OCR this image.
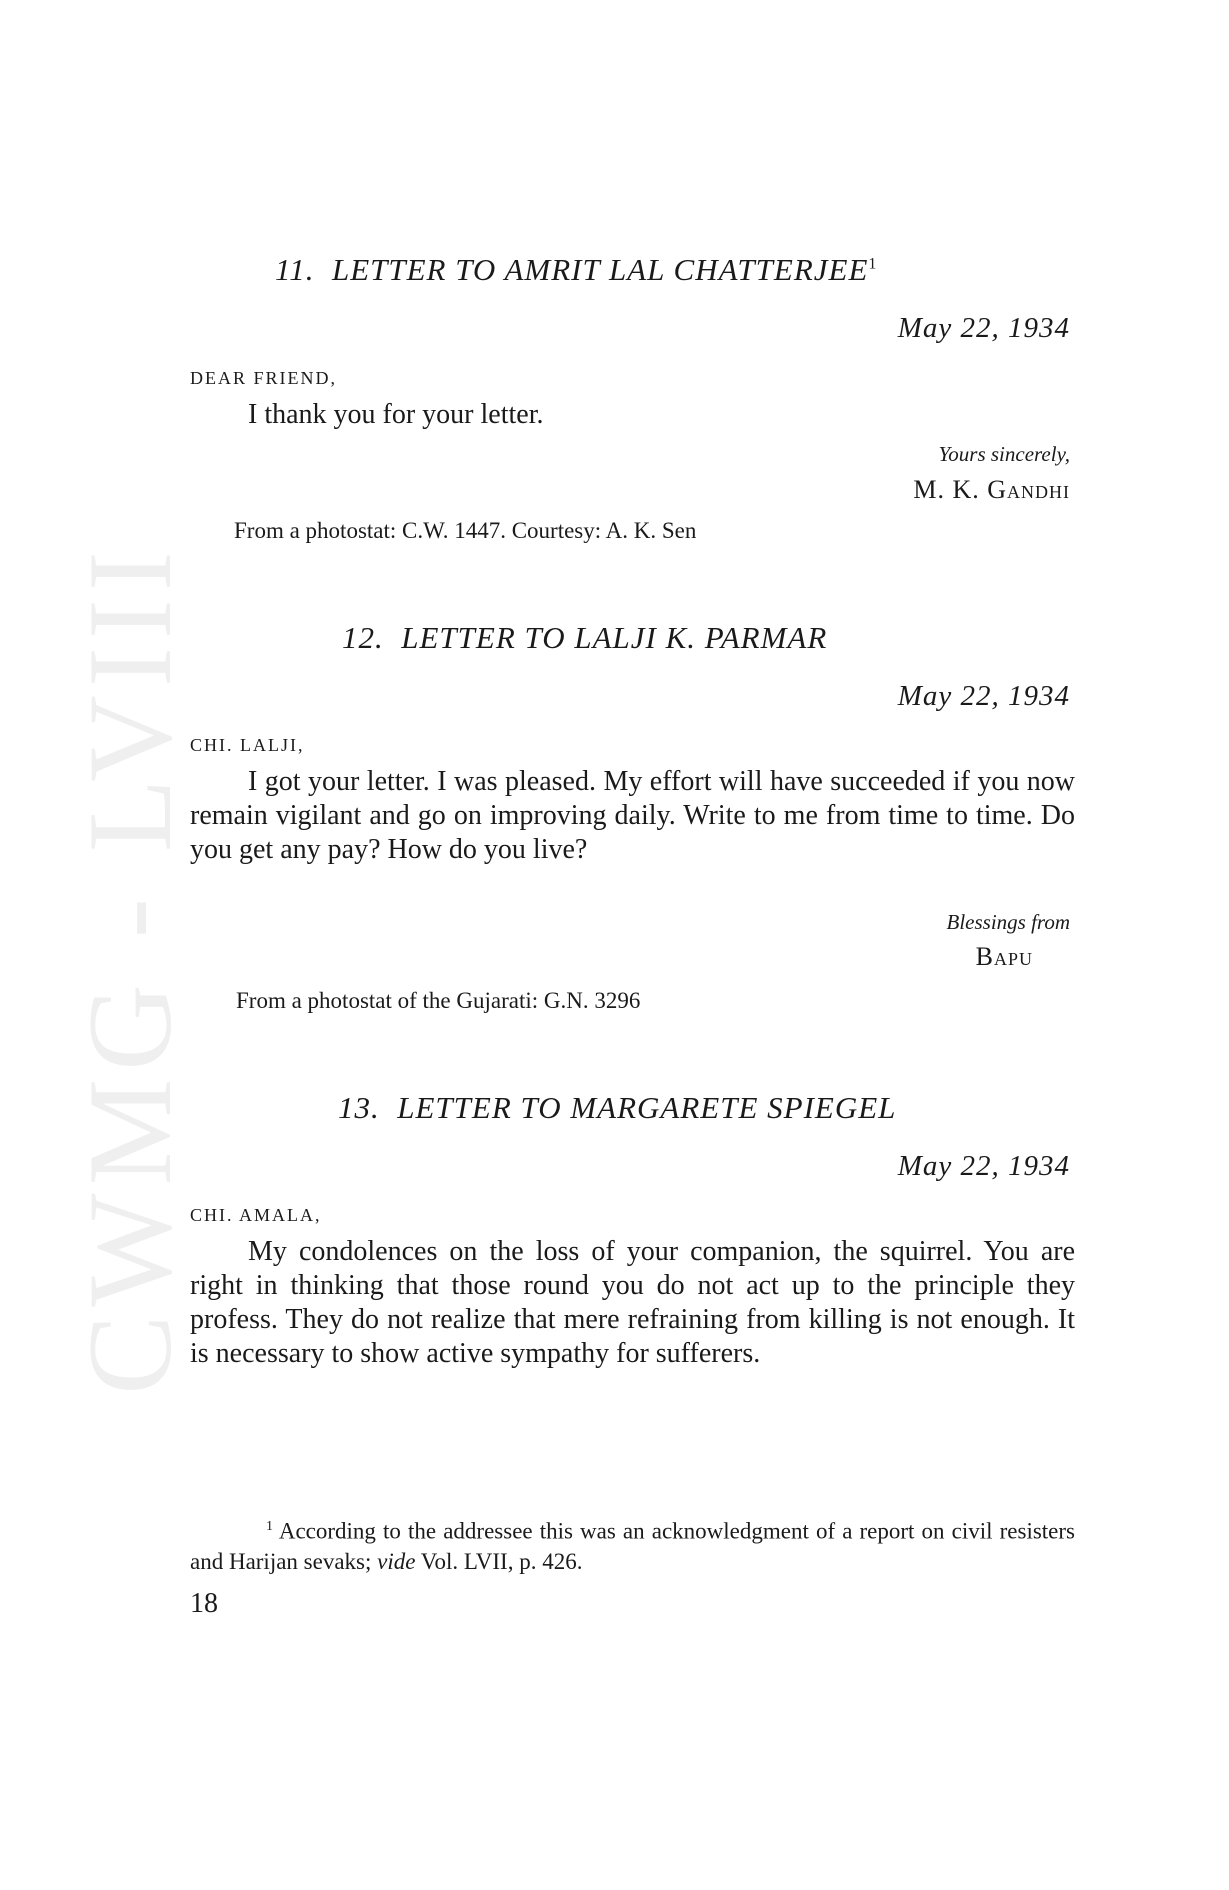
CWMG - LVIII
11. LETTER TO AMRIT LAL CHATTERJEE$^1$
May 22, 1934
DEAR FRIEND,

I thank you for your letter.

Yours sincerely,
M. K. Gandhi
From a photostat: C.W. 1447. Courtesy: A. K. Sen
12. LETTER TO LALJI K. PARMAR
May 22, 1934
CHI. LALJI,

I got your letter. I was pleased. My effort will have succeeded if you now remain vigilant and go on improving daily. Write to me from time to time. Do you get any pay? How do you live?

Blessings from
Bapu
From a photostat of the Gujarati: G.N. 3296
13. LETTER TO MARGARETE SPIEGEL
May 22, 1934
CHI. AMALA,

My condolences on the loss of your companion, the squirrel. You are right in thinking that those round you do not act up to the principle they profess. They do not realize that mere refraining from killing is not enough. It is necessary to show active sympathy for sufferers.

$^1$ According to the addressee this was an acknowledgment of a report on civil resisters and Harijan sevaks; vide Vol. LVII, p. 426.

18
